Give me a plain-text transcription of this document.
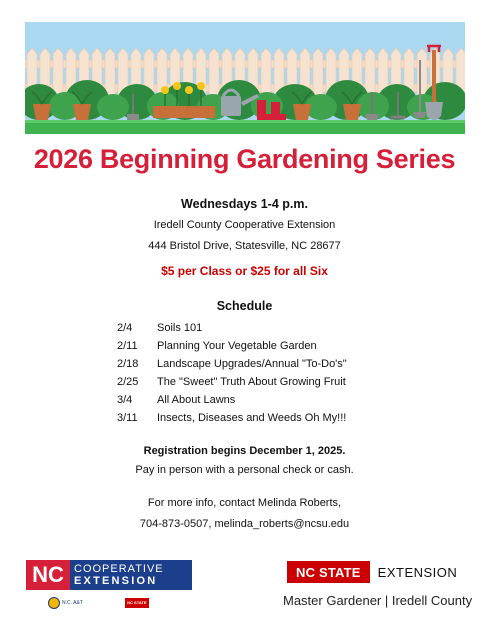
2026 Beginning Gardening Series
Wednesdays 1-4 p.m.
Iredell County Cooperative Extension
444 Bristol Drive, Statesville, NC 28677
$5 per Class or $25 for all Six
Schedule
2/4	Soils 101
2/11	Planning Your Vegetable Garden
2/18	Landscape Upgrades/Annual "To-Do's"
2/25	The "Sweet" Truth About Growing Fruit
3/4	All About Lawns
3/11	Insects, Diseases and Weeds Oh My!!!
Registration begins December 1, 2025.
Pay in person with a personal check or cash.
For more info, contact Melinda Roberts,
704-873-0507, melinda_roberts@ncsu.edu
NC COOPERATIVE
EXTENSION
N.C. A&T	NC STATE
NC STATE	EXTENSION
Master Gardener | Iredell County
